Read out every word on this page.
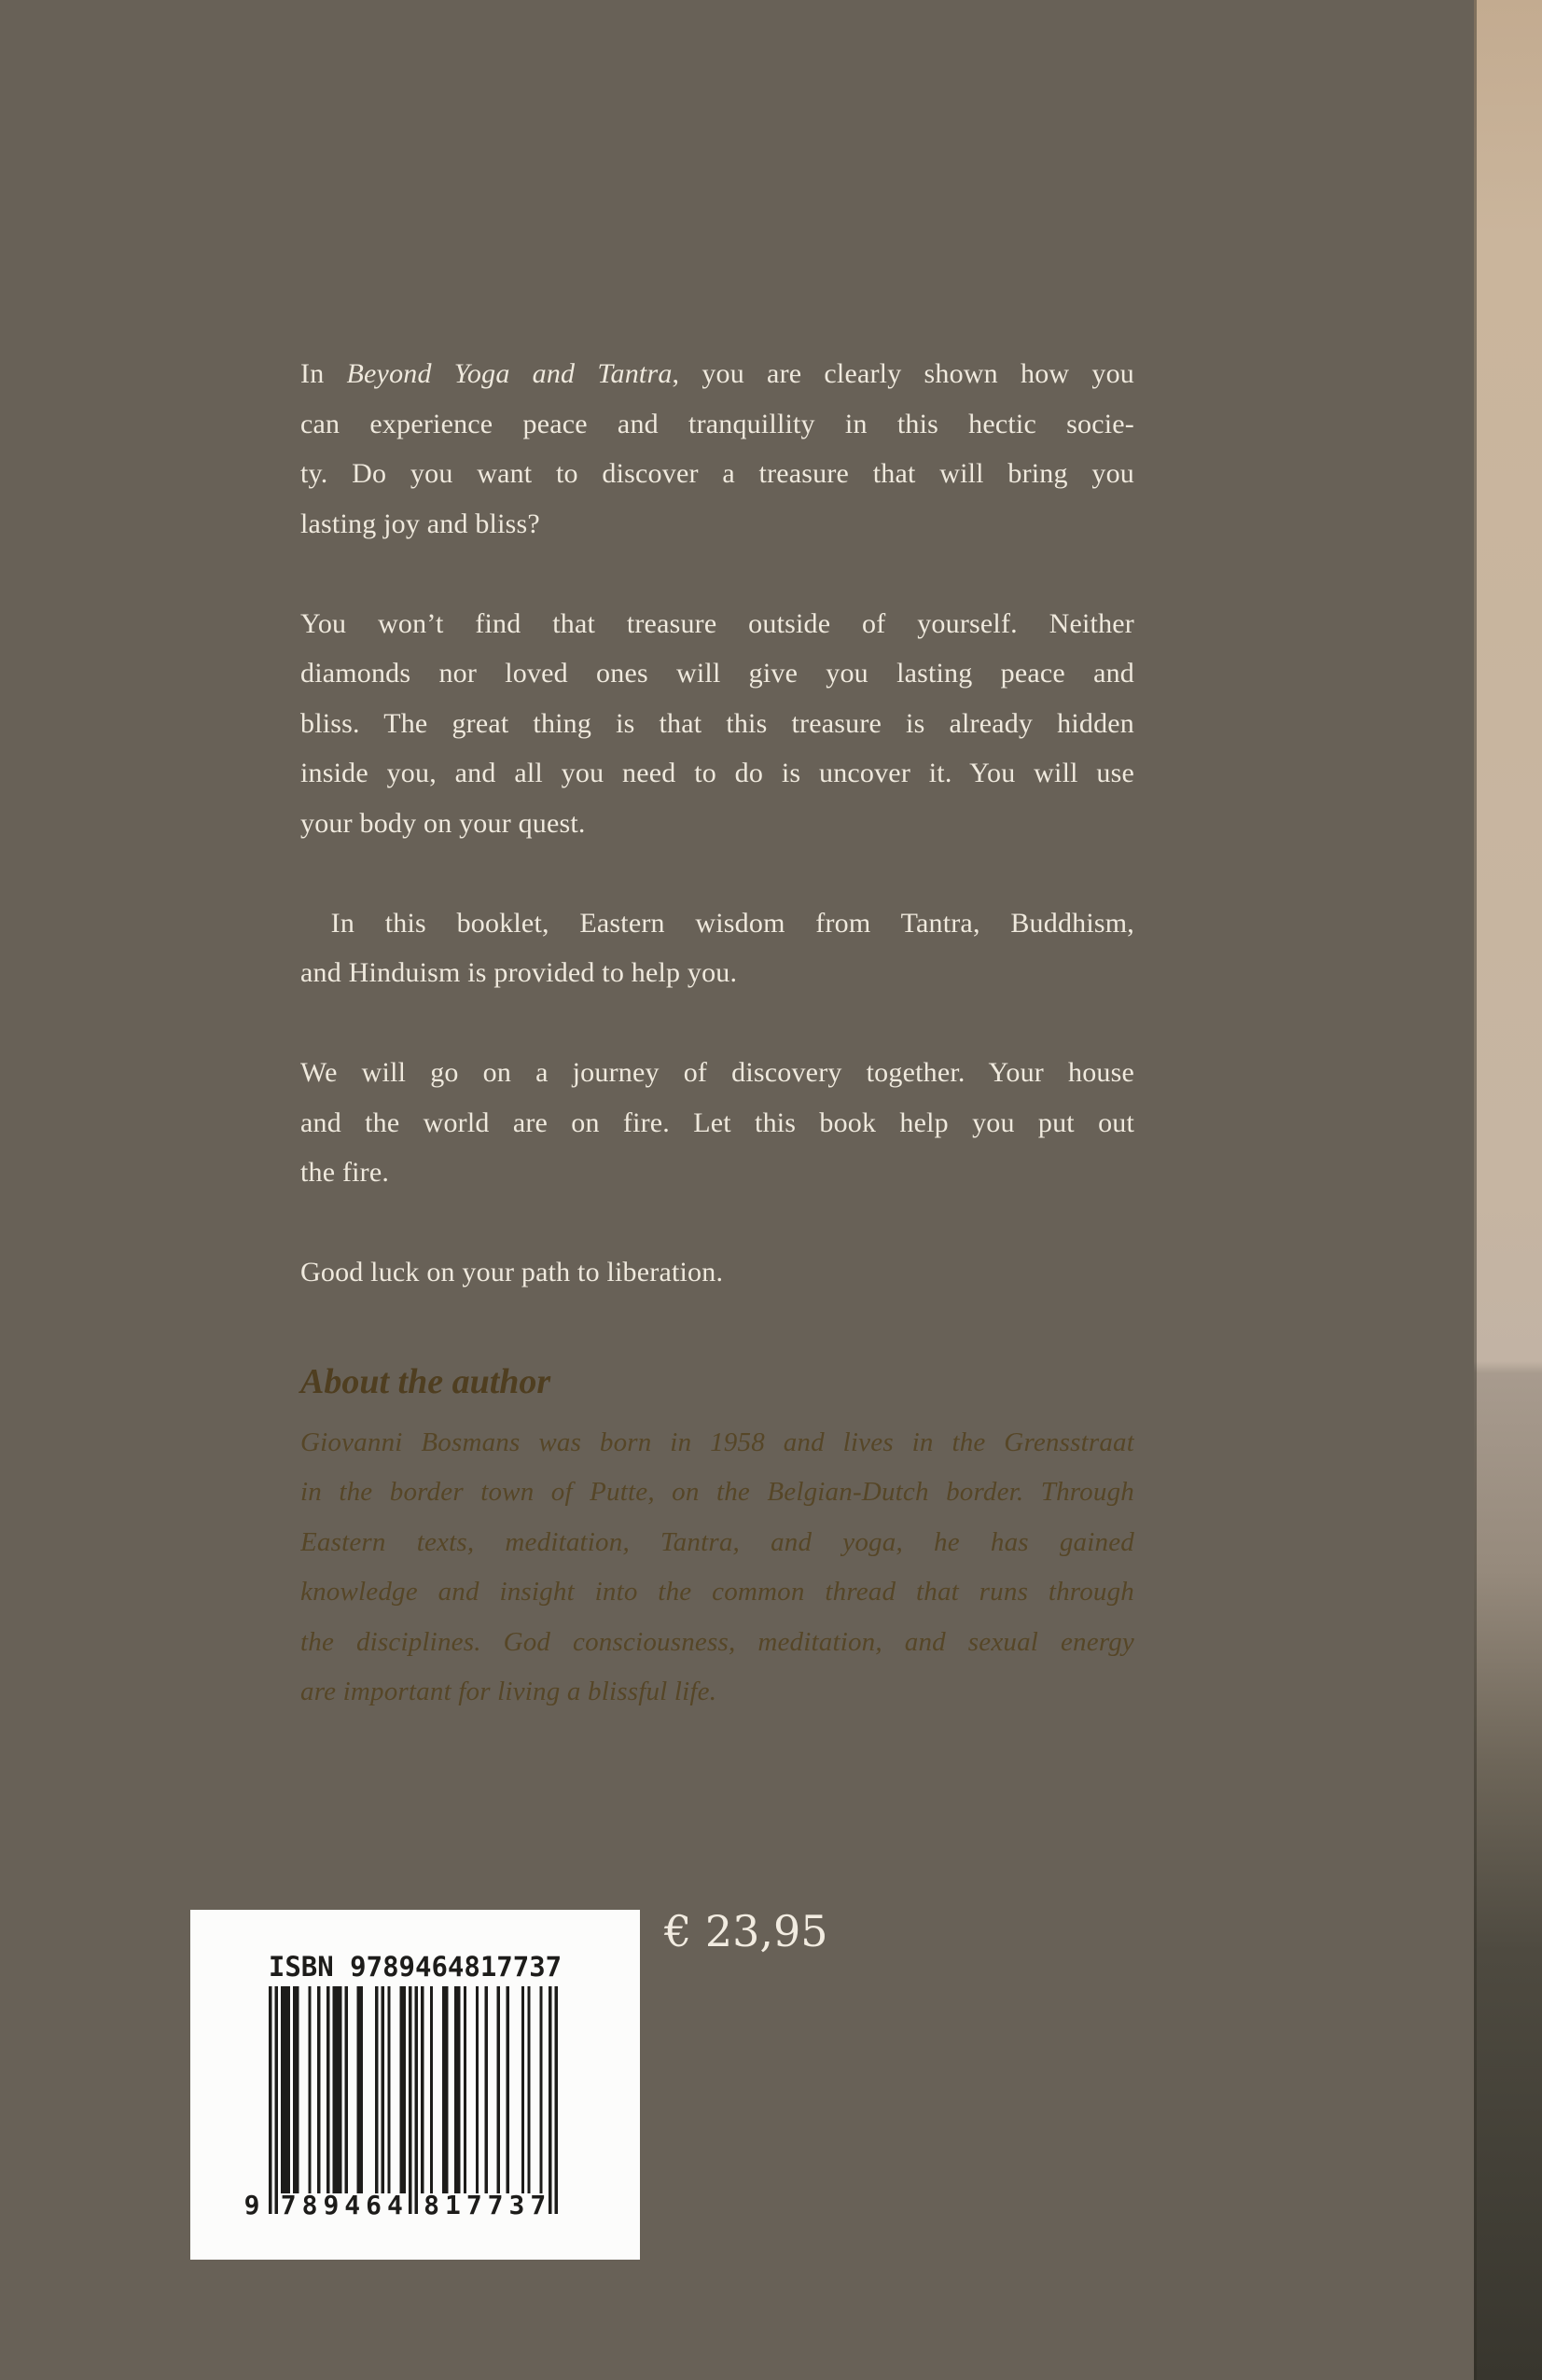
In Beyond Yoga and Tantra, you are clearly shown how you
can experience peace and tranquillity in this hectic socie-
ty. Do you want to discover a treasure that will bring you
lasting joy and bliss?
You won’t find that treasure outside of yourself. Neither
diamonds nor loved ones will give you lasting peace and
bliss. The great thing is that this treasure is already hidden
inside you, and all you need to do is uncover it. You will use
your body on your quest.
In this booklet, Eastern wisdom from Tantra, Buddhism,
and Hinduism is provided to help you.
We will go on a journey of discovery together. Your house
and the world are on fire. Let this book help you put out
the fire.
Good luck on your path to liberation.
About the author
Giovanni Bosmans was born in 1958 and lives in the Grensstraat
in the border town of Putte, on the Belgian-Dutch border. Through
Eastern texts, meditation, Tantra, and yoga, he has gained
knowledge and insight into the common thread that runs through
the disciplines. God consciousness, meditation, and sexual energy
are important for living a blissful life.
€ 23,95
ISBN 9789464817737
9 7 8 9 4 6 4 8 1 7 7 3 7
